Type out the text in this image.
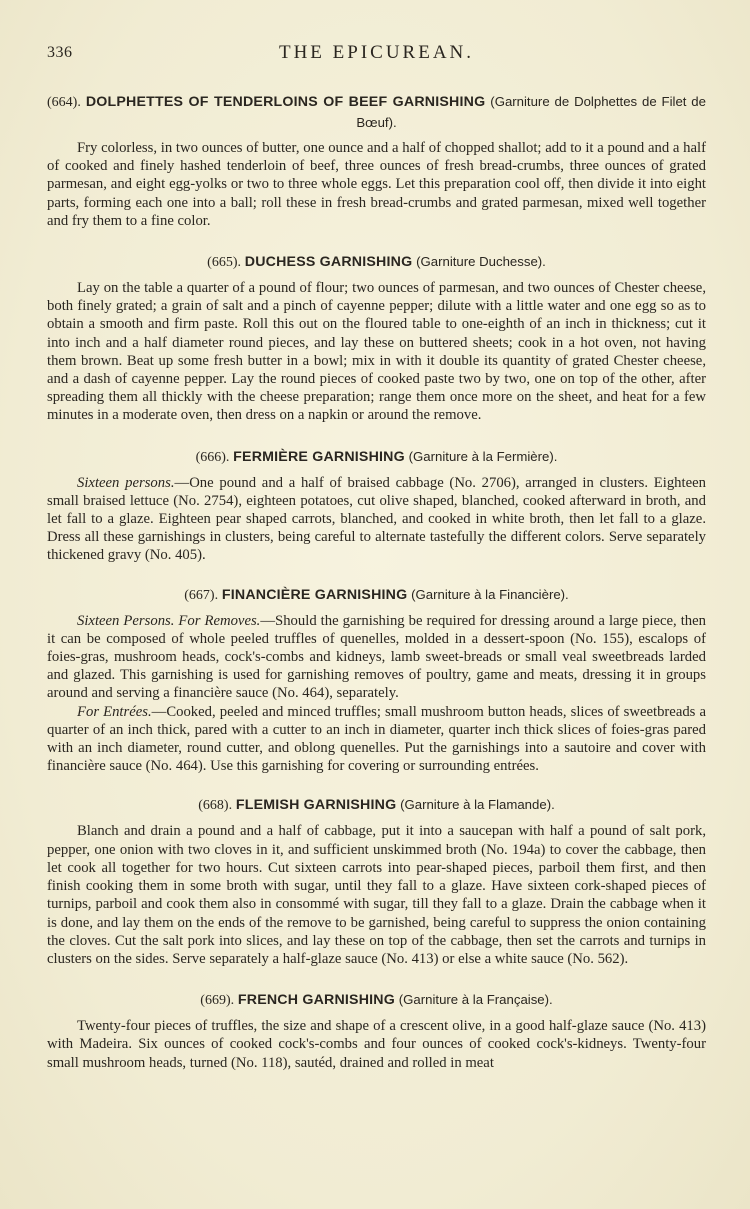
336	THE EPICUREAN.
(664). DOLPHETTES OF TENDERLOINS OF BEEF GARNISHING (Garniture de Dolphettes de Filet de Bœuf).

Fry colorless, in two ounces of butter, one ounce and a half of chopped shallot; add to it a pound and a half of cooked and finely hashed tenderloin of beef, three ounces of fresh bread-crumbs, three ounces of grated parmesan, and eight egg-yolks or two to three whole eggs. Let this preparation cool off, then divide it into eight parts, forming each one into a ball; roll these in fresh bread-crumbs and grated parmesan, mixed well together and fry them to a fine color.

(665). DUCHESS GARNISHING (Garniture Duchesse).

Lay on the table a quarter of a pound of flour; two ounces of parmesan, and two ounces of Chester cheese, both finely grated; a grain of salt and a pinch of cayenne pepper; dilute with a little water and one egg so as to obtain a smooth and firm paste. Roll this out on the floured table to one-eighth of an inch in thickness; cut it into inch and a half diameter round pieces, and lay these on buttered sheets; cook in a hot oven, not having them brown. Beat up some fresh butter in a bowl; mix in with it double its quantity of grated Chester cheese, and a dash of cayenne pepper. Lay the round pieces of cooked paste two by two, one on top of the other, after spreading them all thickly with the cheese preparation; range them once more on the sheet, and heat for a few minutes in a moderate oven, then dress on a napkin or around the remove.

(666). FERMIÈRE GARNISHING (Garniture à la Fermière).

Sixteen persons.—One pound and a half of braised cabbage (No. 2706), arranged in clusters. Eighteen small braised lettuce (No. 2754), eighteen potatoes, cut olive shaped, blanched, cooked afterward in broth, and let fall to a glaze. Eighteen pear shaped carrots, blanched, and cooked in white broth, then let fall to a glaze. Dress all these garnishings in clusters, being careful to alternate tastefully the different colors. Serve separately thickened gravy (No. 405).

(667). FINANCIÈRE GARNISHING (Garniture à la Financière).

Sixteen Persons. For Removes.—Should the garnishing be required for dressing around a large piece, then it can be composed of whole peeled truffles of quenelles, molded in a dessert-spoon (No. 155), escalops of foies-gras, mushroom heads, cock's-combs and kidneys, lamb sweet-breads or small veal sweetbreads larded and glazed. This garnishing is used for garnishing removes of poultry, game and meats, dressing it in groups around and serving a financière sauce (No. 464), separately.

For Entrées.—Cooked, peeled and minced truffles; small mushroom button heads, slices of sweetbreads a quarter of an inch thick, pared with a cutter to an inch in diameter, quarter inch thick slices of foies-gras pared with an inch diameter, round cutter, and oblong quenelles. Put the garnishings into a sautoire and cover with financière sauce (No. 464). Use this garnishing for covering or surrounding entrées.

(668). FLEMISH GARNISHING (Garniture à la Flamande).

Blanch and drain a pound and a half of cabbage, put it into a saucepan with half a pound of salt pork, pepper, one onion with two cloves in it, and sufficient unskimmed broth (No. 194a) to cover the cabbage, then let cook all together for two hours. Cut sixteen carrots into pear-shaped pieces, parboil them first, and then finish cooking them in some broth with sugar, until they fall to a glaze. Have sixteen cork-shaped pieces of turnips, parboil and cook them also in consommé with sugar, till they fall to a glaze. Drain the cabbage when it is done, and lay them on the ends of the remove to be garnished, being careful to suppress the onion containing the cloves. Cut the salt pork into slices, and lay these on top of the cabbage, then set the carrots and turnips in clusters on the sides. Serve separately a half-glaze sauce (No. 413) or else a white sauce (No. 562).

(669). FRENCH GARNISHING (Garniture à la Française).

Twenty-four pieces of truffles, the size and shape of a crescent olive, in a good half-glaze sauce (No. 413) with Madeira. Six ounces of cooked cock's-combs and four ounces of cooked cock's-kidneys. Twenty-four small mushroom heads, turned (No. 118), sautéd, drained and rolled in meat
